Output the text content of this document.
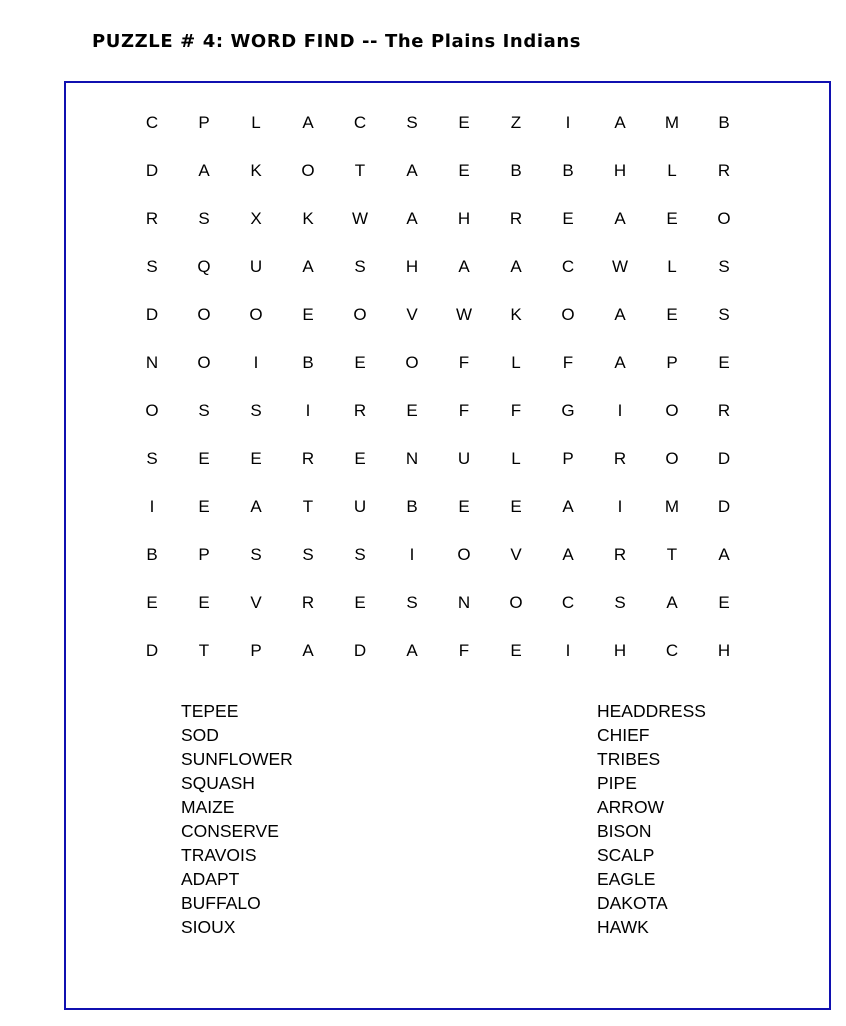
PUZZLE # 4: WORD FIND -- The Plains Indians
C	P	L	A	C	S	E	Z	I	A	M	B
D	A	K	O	T	A	E	B	B	H	L	R
R	S	X	K	W	A	H	R	E	A	E	O
S	Q	U	A	S	H	A	A	C	W	L	S
D	O	O	E	O	V	W	K	O	A	E	S
N	O	I	B	E	O	F	L	F	A	P	E
O	S	S	I	R	E	F	F	G	I	O	R
S	E	E	R	E	N	U	L	P	R	O	D
I	E	A	T	U	B	E	E	A	I	M	D
B	P	S	S	S	I	O	V	A	R	T	A
E	E	V	R	E	S	N	O	C	S	A	E
D	T	P	A	D	A	F	E	I	H	C	H
TEPEE
SOD
SUNFLOWER
SQUASH
MAIZE
CONSERVE
TRAVOIS
ADAPT
BUFFALO
SIOUX
HEADDRESS
CHIEF
TRIBES
PIPE
ARROW
BISON
SCALP
EAGLE
DAKOTA
HAWK
